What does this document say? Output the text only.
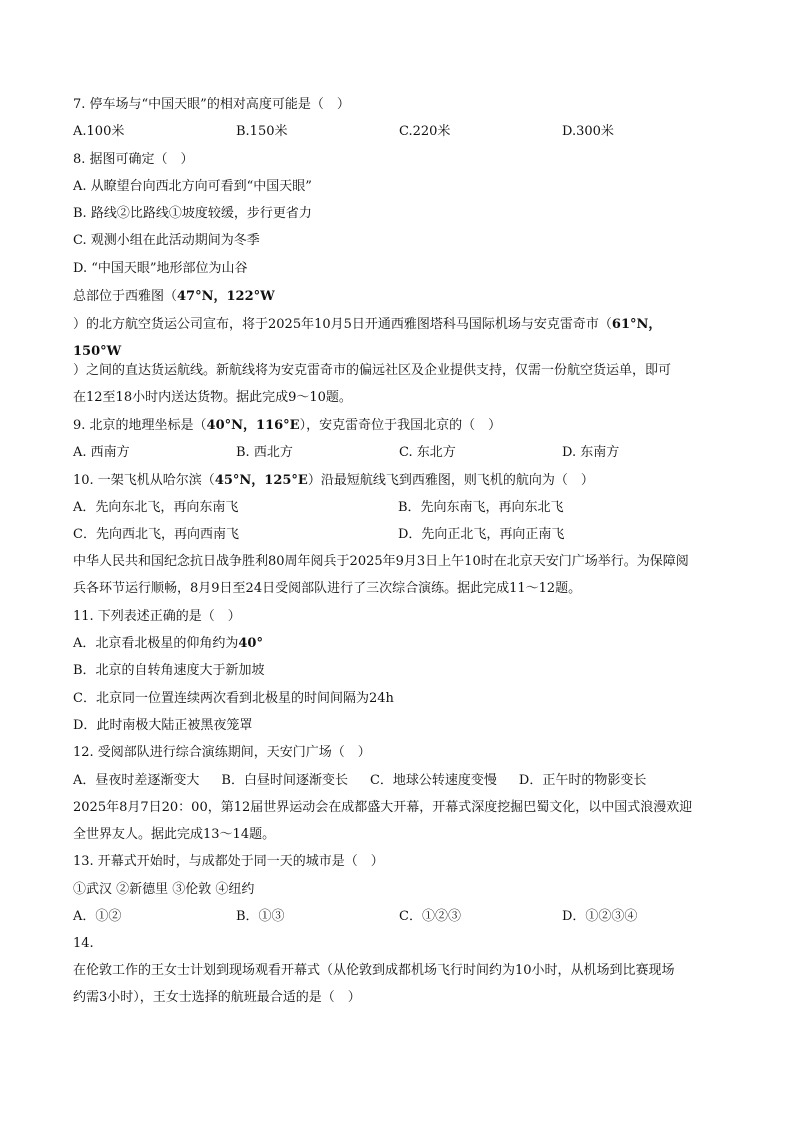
7. 停车场与“中国天眼”的相对高度可能是（　）
A.100米	B.150米	C.220米	D.300米
8. 据图可确定（　）
A. 从瞭望台向西北方向可看到“中国天眼”
B. 路线②比路线①坡度较缓，步行更省力
C. 观测小组在此活动期间为冬季
D. “中国天眼”地形部位为山谷
总部位于西雅图（47°N，122°W
）的北方航空货运公司宣布，将于2025年10月5日开通西雅图塔科马国际机场与安克雷奇市（61°N，
150°W
）之间的直达货运航线。新航线将为安克雷奇市的偏远社区及企业提供支持，仅需一份航空货运单，即可
在12至18小时内送达货物。据此完成9～10题。
9. 北京的地理坐标是（40°N，116°E），安克雷奇位于我国北京的（　）
A. 西南方	B. 西北方	C. 东北方	D. 东南方
10. 一架飞机从哈尔滨（45°N，125°E）沿最短航线飞到西雅图，则飞机的航向为（　）
A．先向东北飞，再向东南飞	B．先向东南飞，再向东北飞
C．先向西北飞，再向西南飞	D．先向正北飞，再向正南飞
中华人民共和国纪念抗日战争胜利80周年阅兵于2025年9月3日上午10时在北京天安门广场举行。为保障阅
兵各环节运行顺畅，8月9日至24日受阅部队进行了三次综合演练。据此完成11～12题。
11. 下列表述正确的是（　）
A．北京看北极星的仰角约为40°
B．北京的自转角速度大于新加坡
C．北京同一位置连续两次看到北极星的时间间隔为24h
D．此时南极大陆正被黑夜笼罩
12. 受阅部队进行综合演练期间，天安门广场（　）
A．昼夜时差逐渐变大 B．白昼时间逐渐变长 C．地球公转速度变慢 D．正午时的物影变长
2025年8月7日20：00，第12届世界运动会在成都盛大开幕，开幕式深度挖掘巴蜀文化，以中国式浪漫欢迎
全世界友人。据此完成13～14题。
13. 开幕式开始时，与成都处于同一天的城市是（　）
①武汉 ②新德里 ③伦敦 ④纽约
A．①②	B．①③	C．①②③	D．①②③④
14.
在伦敦工作的王女士计划到现场观看开幕式（从伦敦到成都机场飞行时间约为10小时，从机场到比赛现场
约需3小时），王女士选择的航班最合适的是（　）
